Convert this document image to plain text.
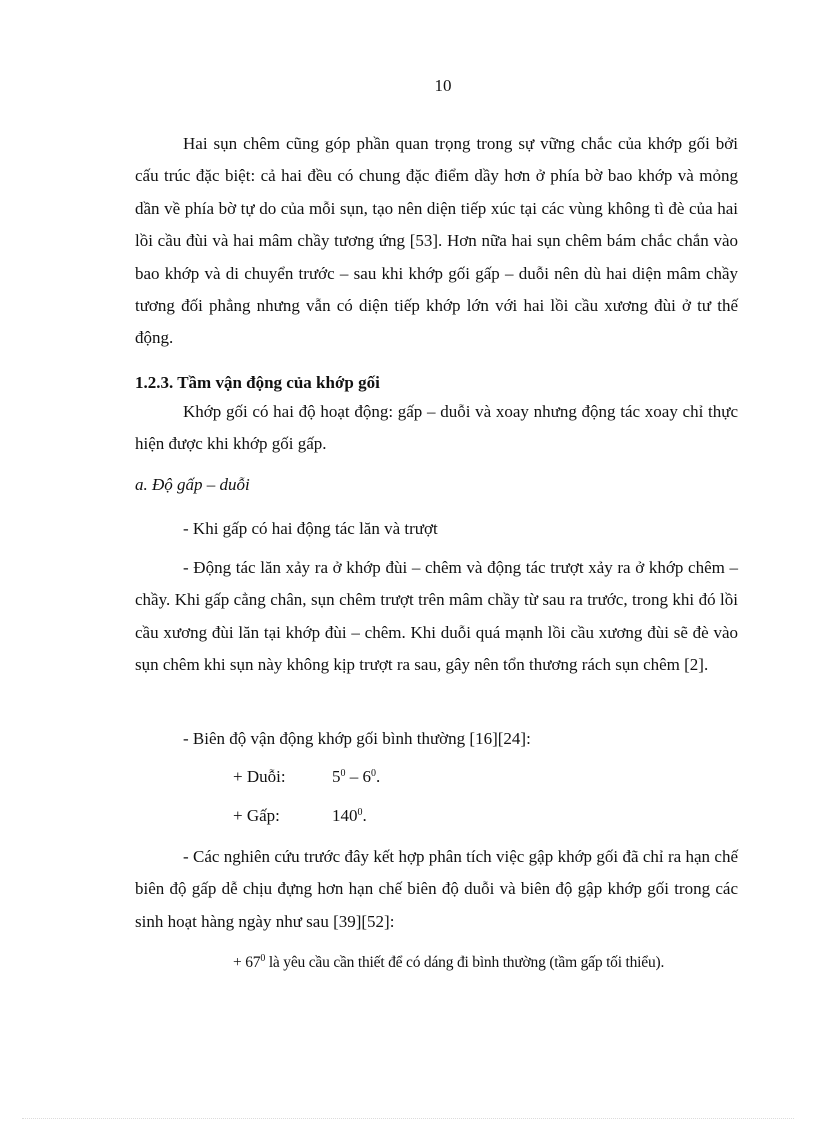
10
Hai sụn chêm cũng góp phần quan trọng trong sự vững chắc của khớp gối bởi cấu trúc đặc biệt: cả hai đều có chung đặc điểm dầy hơn ở phía bờ bao khớp và mỏng dần về phía bờ tự do của mỗi sụn, tạo nên diện tiếp xúc tại các vùng không tì đè của hai lồi cầu đùi và hai mâm chầy tương ứng [53]. Hơn nữa hai sụn chêm bám chắc chắn vào bao khớp và di chuyển trước – sau khi khớp gối gấp – duỗi nên dù hai diện mâm chầy tương đối phẳng nhưng vẫn có diện tiếp khớp lớn với hai lồi cầu xương đùi ở tư thế động.
1.2.3. Tầm vận động của khớp gối
Khớp gối có hai độ hoạt động: gấp – duỗi và xoay nhưng động tác xoay chỉ thực hiện được khi khớp gối gấp.
a. Độ gấp – duỗi
- Khi gấp có hai động tác lăn và trượt
- Động tác lăn xảy ra ở khớp đùi – chêm và động tác trượt xảy ra ở khớp chêm – chầy. Khi gấp cẳng chân, sụn chêm trượt trên mâm chầy từ sau ra trước, trong khi đó lồi cầu xương đùi lăn tại khớp đùi – chêm. Khi duỗi quá mạnh lồi cầu xương đùi sẽ đè vào sụn chêm khi sụn này không kịp trượt ra sau, gây nên tổn thương rách sụn chêm [2].
- Biên độ vận động khớp gối bình thường [16][24]:
+ Duỗi:	$5^0 - 6^0$.
+ Gấp:	$140^0$.
- Các nghiên cứu trước đây kết hợp phân tích việc gập khớp gối đã chỉ ra hạn chế biên độ gấp dễ chịu đựng hơn hạn chế biên độ duỗi và biên độ gập khớp gối trong các sinh hoạt hàng ngày như sau [39][52]:
+ $67^0$ là yêu cầu cần thiết để có dáng đi bình thường (tầm gấp tối thiểu).
